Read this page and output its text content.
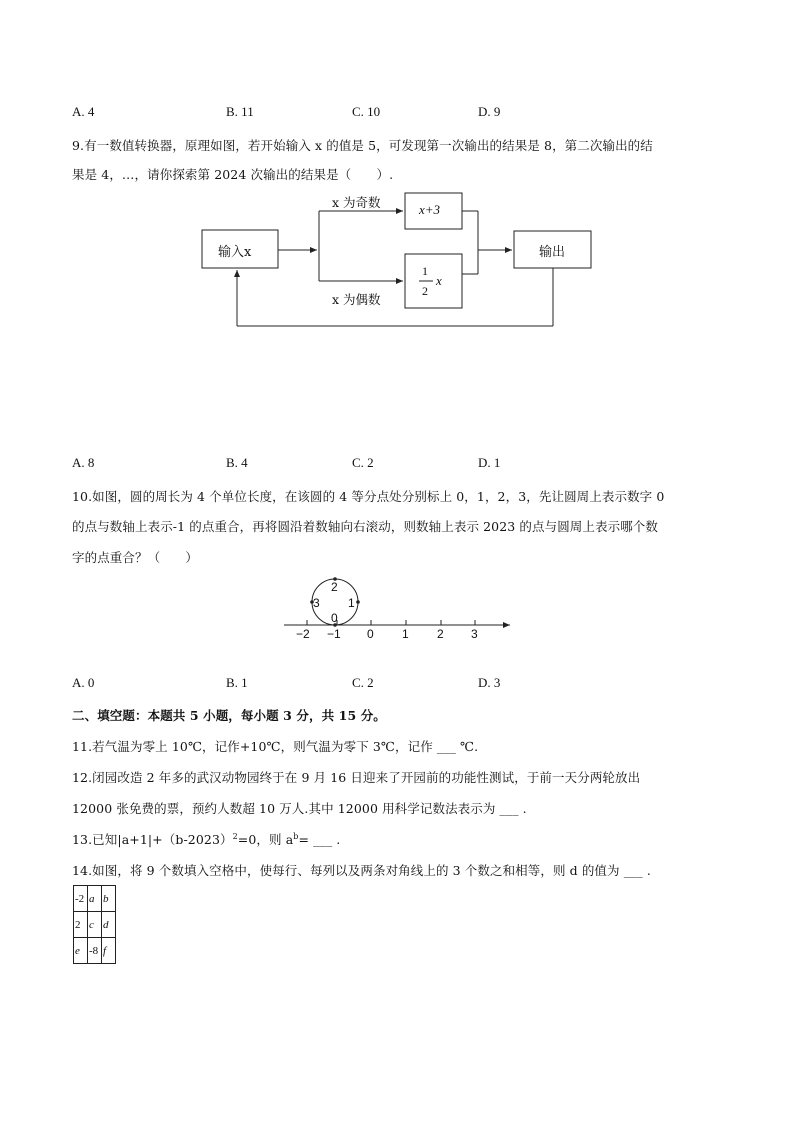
A. 4	B. 11	C. 10	D. 9
9.有一数值转换器，原理如图，若开始输入 x 的值是 5，可发现第一次输出的结果是 8，第二次输出的结
果是 4，…，请你探索第 2024 次输出的结果是（　　）.
输入x
x 为奇数
x 为偶数
x+3
1
2
x
输出
A. 8	B. 4	C. 2	D. 1
10.如图，圆的周长为 4 个单位长度，在该圆的 4 等分点处分别标上 0，1，2，3，先让圆周上表示数字 0
的点与数轴上表示-1 的点重合，再将圆沿着数轴向右滚动，则数轴上表示 2023 的点与圆周上表示哪个数
字的点重合？（　　）
2
3 1
0
−2 −1 0 1 2 3
A. 0	B. 1	C. 2	D. 3
二、填空题：本题共 5 小题，每小题 3 分，共 15 分。
11.若气温为零上 10℃，记作+10℃，则气温为零下 3℃，记作 ___ ℃.
12.闭园改造 2 年多的武汉动物园终于在 9 月 16 日迎来了开园前的功能性测试，于前一天分两轮放出
12000 张免费的票，预约人数超 10 万人.其中 12000 用科学记数法表示为 ___ .
13.已知$|a+1|+(b-2023)^2=0$，则 $a^b=$ ___ .
14.如图，将 9 个数填入空格中，使每行、每列以及两条对角线上的 3 个数之和相等，则 d 的值为 ___ .
-2	a	b
2	c	d
e	-8	f
